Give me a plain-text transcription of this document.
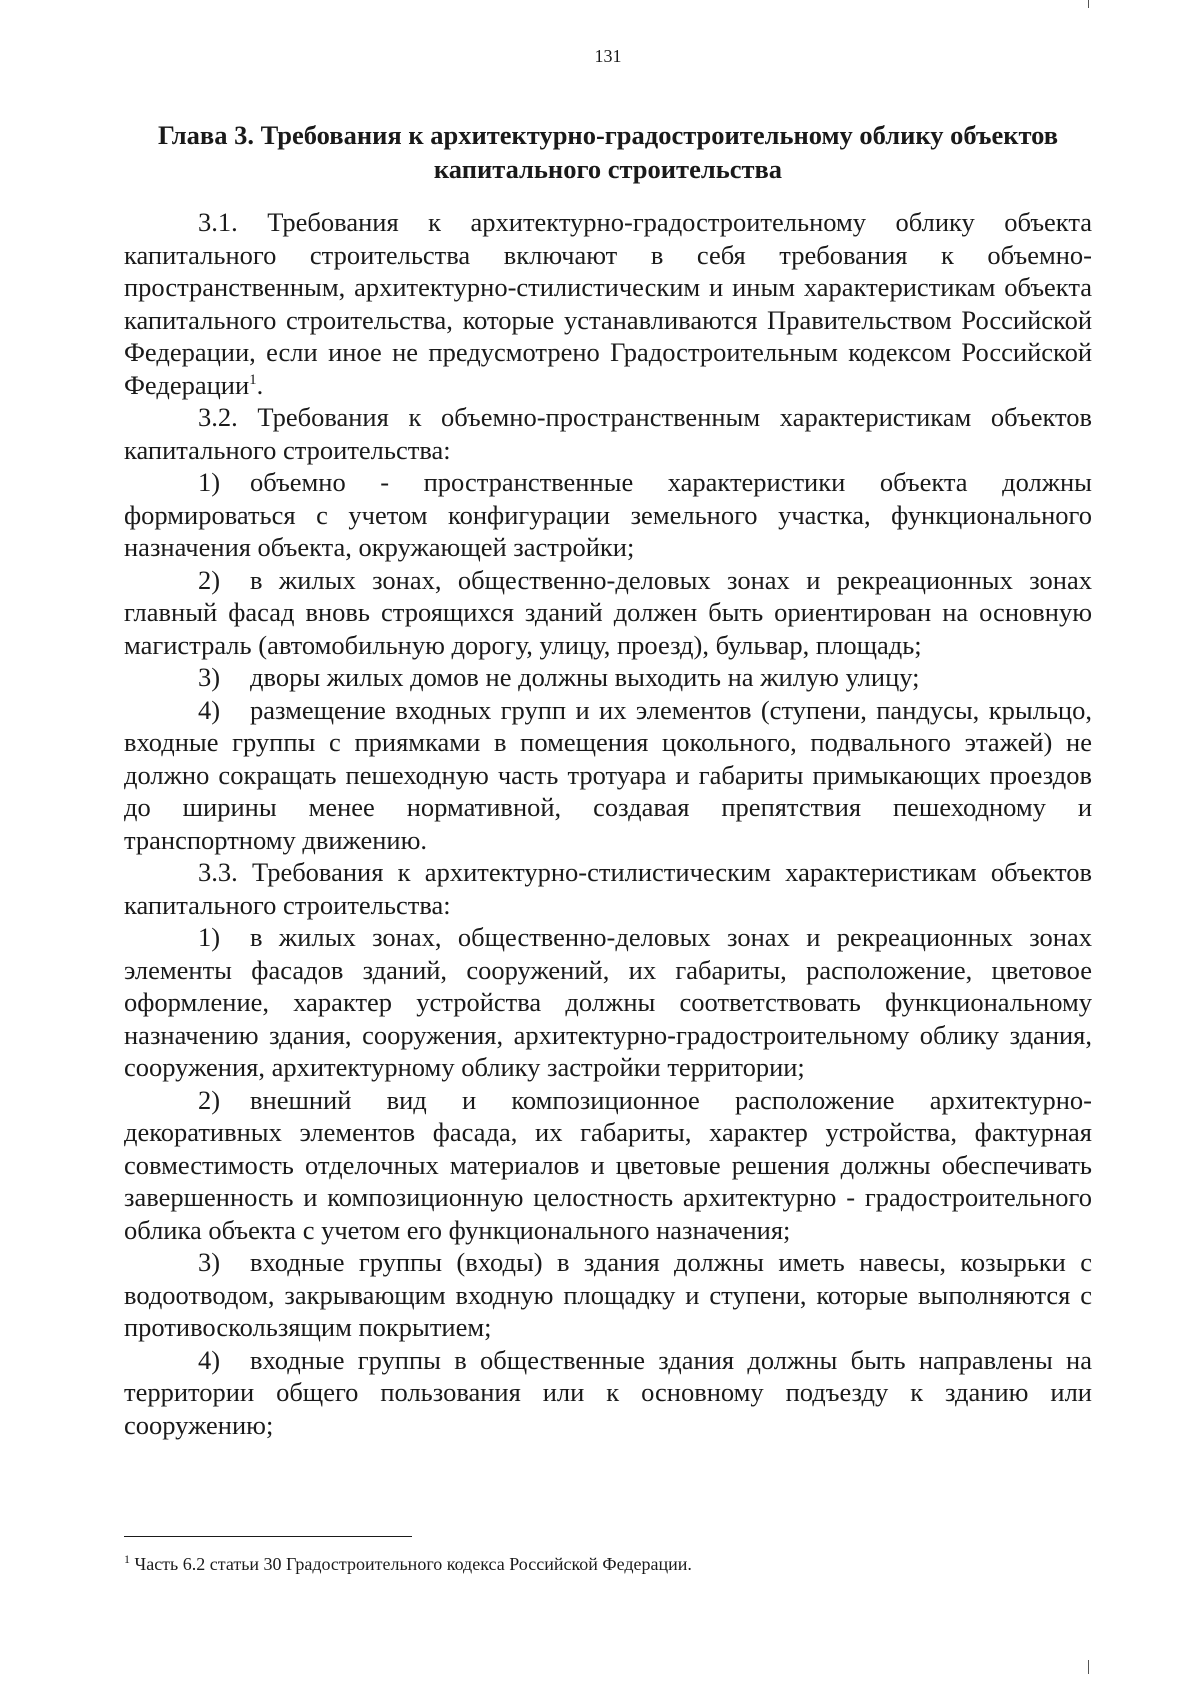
131
Глава 3. Требования к архитектурно-градостроительному облику объектов
капитального строительства

3.1. Требования к архитектурно-градостроительному облику объекта капитального строительства включают в себя требования к объемно-пространственным, архитектурно-стилистическим и иным характеристикам объекта капитального строительства, которые устанавливаются Правительством Российской Федерации, если иное не предусмотрено Градостроительным кодексом Российской Федерации$^1$.

3.2. Требования к объемно-пространственным характеристикам объектов капитального строительства:

1) объемно - пространственные характеристики объекта должны формироваться с учетом конфигурации земельного участка, функционального назначения объекта, окружающей застройки;

2) в жилых зонах, общественно-деловых зонах и рекреационных зонах главный фасад вновь строящихся зданий должен быть ориентирован на основную магистраль (автомобильную дорогу, улицу, проезд), бульвар, площадь;

3) дворы жилых домов не должны выходить на жилую улицу;

4) размещение входных групп и их элементов (ступени, пандусы, крыльцо, входные группы с приямками в помещения цокольного, подвального этажей) не должно сокращать пешеходную часть тротуара и габариты примыкающих проездов до ширины менее нормативной, создавая препятствия пешеходному и транспортному движению.

3.3. Требования к архитектурно-стилистическим характеристикам объектов капитального строительства:

1) в жилых зонах, общественно-деловых зонах и рекреационных зонах элементы фасадов зданий, сооружений, их габариты, расположение, цветовое оформление, характер устройства должны соответствовать функциональному назначению здания, сооружения, архитектурно-градостроительному облику здания, сооружения, архитектурному облику застройки территории;

2) внешний вид и композиционное расположение архитектурно-декоративных элементов фасада, их габариты, характер устройства, фактурная совместимость отделочных материалов и цветовые решения должны обеспечивать завершенность и композиционную целостность архитектурно - градостроительного облика объекта с учетом его функционального назначения;

3) входные группы (входы) в здания должны иметь навесы, козырьки с водоотводом, закрывающим входную площадку и ступени, которые выполняются с противоскользящим покрытием;

4) входные группы в общественные здания должны быть направлены на территории общего пользования или к основному подъезду к зданию или сооружению;

$^1$ Часть 6.2 статьи 30 Градостроительного кодекса Российской Федерации.
